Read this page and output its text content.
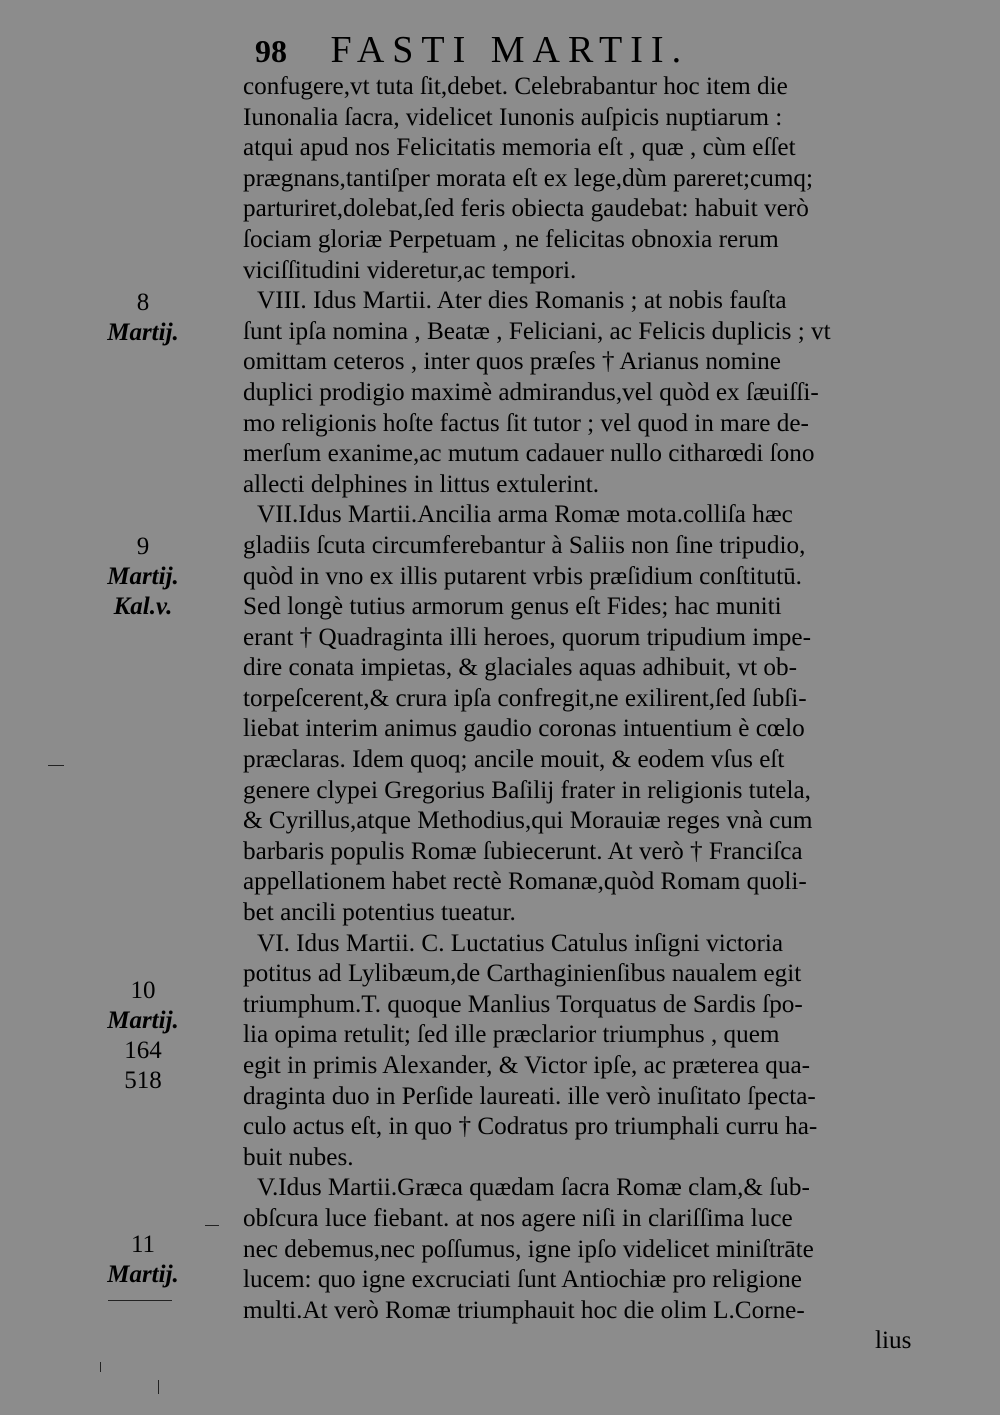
98 FASTI MARTII.
confugere,vt tuta ſit,debet. Celebrabantur hoc item die
Iunonalia ſacra, videlicet Iunonis auſpicis nuptiarum :
atqui apud nos Felicitatis memoria eſt , quæ , cùm eſſet
prægnans,tantiſper morata eſt ex lege,dùm pareret;cumq;
parturiret,dolebat,ſed feris obiecta gaudebat: habuit verò
ſociam gloriæ Perpetuam , ne felicitas obnoxia rerum
viciſſitudini videretur,ac tempori.
VIII. Idus Martii. Ater dies Romanis ; at nobis fauſta
ſunt ipſa nomina , Beatæ , Feliciani, ac Felicis duplicis ; vt
omittam ceteros , inter quos præſes † Arianus nomine
duplici prodigio maximè admirandus,vel quòd ex ſæuiſſi-
mo religionis hoſte factus ſit tutor ; vel quod in mare de-
merſum exanime,ac mutum cadauer nullo citharœdi ſono
allecti delphines in littus extulerint.
VII.Idus Martii.Ancilia arma Romæ mota.colliſa hæc
gladiis ſcuta circumferebantur à Saliis non ſine tripudio,
quòd in vno ex illis putarent vrbis præſidium conſtitutū.
Sed longè tutius armorum genus eſt Fides; hac muniti
erant † Quadraginta illi heroes, quorum tripudium impe-
dire conata impietas, & glaciales aquas adhibuit, vt ob-
torpeſcerent,& crura ipſa confregit,ne exilirent,ſed ſubſi-
liebat interim animus gaudio coronas intuentium è cœlo
præclaras. Idem quoq; ancile mouit, & eodem vſus eſt
genere clypei Gregorius Baſilij frater in religionis tutela,
& Cyrillus,atque Methodius,qui Morauiæ reges vnà cum
barbaris populis Romæ ſubiecerunt. At verò † Franciſca
appellationem habet rectè Romanæ,quòd Romam quoli-
bet ancili potentius tueatur.
VI. Idus Martii. C. Luctatius Catulus inſigni victoria
potitus ad Lylibæum,de Carthaginienſibus naualem egit
triumphum.T. quoque Manlius Torquatus de Sardis ſpo-
lia opima retulit; ſed ille præclarior triumphus , quem
egit in primis Alexander, & Victor ipſe, ac præterea qua-
draginta duo in Perſide laureati. ille verò inuſitato ſpecta-
culo actus eſt, in quo † Codratus pro triumphali curru ha-
buit nubes.
V.Idus Martii.Græca quædam ſacra Romæ clam,& ſub-
obſcura luce fiebant. at nos agere niſi in clariſſima luce
nec debemus,nec poſſumus, igne ipſo videlicet miniſtrāte
lucem: quo igne excruciati ſunt Antiochiæ pro religione
multi.At verò Romæ triumphauit hoc die olim L.Corne-
lius
8
Martij.
9
Martij.
Kal.v.
10
Martij.
164
518
11
Martij.
